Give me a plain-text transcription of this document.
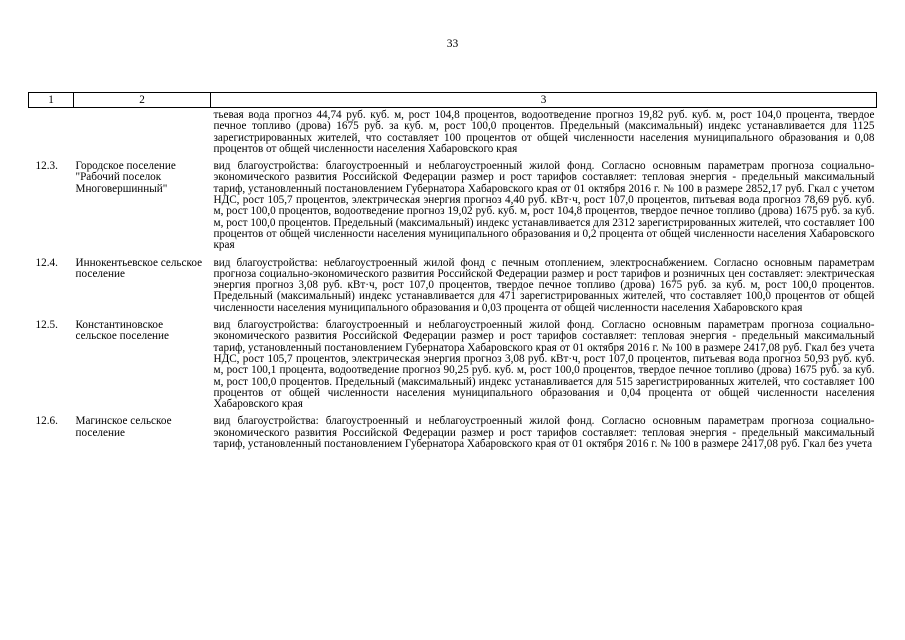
33
1	2	3
		тьевая вода прогноз 44,74 руб. куб. м, рост 104,8 процентов, водоотведение прогноз 19,82 руб. куб. м, рост 104,0 процента, твердое печное топливо (дрова) 1675 руб. за куб. м, рост 100,0 процентов. Предельный (максимальный) индекс устанавливается для 1125 зарегистрированных жителей, что составляет 100 процентов от общей численности населения муниципального образования и 0,08 процентов от общей численности населения Хабаровского края
12.3.	Городское поселение "Рабочий поселок Многовершинный"	вид благоустройства: благоустроенный и неблагоустроенный жилой фонд. Согласно основным параметрам прогноза социально-экономического развития Российской Федерации размер и рост тарифов составляет: тепловая энергия - предельный максимальный тариф, установленный постановлением Губернатора Хабаровского края от 01 октября 2016 г. № 100 в размере 2852,17 руб. Гкал с учетом НДС, рост 105,7 процентов, электрическая энергия прогноз 4,40 руб. кВт·ч, рост 107,0 процентов, питьевая вода прогноз 78,69 руб. куб. м, рост 100,0 процентов, водоотведение прогноз 19,02 руб. куб. м, рост 104,8 процентов, твердое печное топливо (дрова) 1675 руб. за куб. м, рост 100,0 процентов. Предельный (максимальный) индекс устанавливается для 2312 зарегистрированных жителей, что составляет 100 процентов от общей численности населения муниципального образования и 0,2 процента от общей численности населения Хабаровского края
12.4.	Иннокентьевское сельское поселение	вид благоустройства: неблагоустроенный жилой фонд с печным отоплением, электроснабжением. Согласно основным параметрам прогноза социально-экономического развития Российской Федерации размер и рост тарифов и розничных цен составляет: электрическая энергия прогноз 3,08 руб. кВт·ч, рост 107,0 процентов, твердое печное топливо (дрова) 1675 руб. за куб. м, рост 100,0 процентов. Предельный (максимальный) индекс устанавливается для 471 зарегистрированных жителей, что составляет 100,0 процентов от общей численности населения муниципального образования и 0,03 процента от общей численности населения Хабаровского края
12.5.	Константиновское сельское поселение	вид благоустройства: благоустроенный и неблагоустроенный жилой фонд. Согласно основным параметрам прогноза социально-экономического развития Российской Федерации размер и рост тарифов составляет: тепловая энергия - предельный максимальный тариф, установленный постановлением Губернатора Хабаровского края от 01 октября 2016 г. № 100 в размере 2417,08 руб. Гкал без учета НДС, рост 105,7 процентов, электрическая энергия прогноз 3,08 руб. кВт·ч, рост 107,0 процентов, питьевая вода прогноз 50,93 руб. куб. м, рост 100,1 процента, водоотведение прогноз 90,25 руб. куб. м, рост 100,0 процентов, твердое печное топливо (дрова) 1675 руб. за куб. м, рост 100,0 процентов. Предельный (максимальный) индекс устанавливается для 515 зарегистрированных жителей, что составляет 100 процентов от общей численности населения муниципального образования и 0,04 процента от общей численности населения Хабаровского края
12.6.	Магинское сельское поселение	вид благоустройства: благоустроенный и неблагоустроенный жилой фонд. Согласно основным параметрам прогноза социально-экономического развития Российской Федерации размер и рост тарифов составляет: тепловая энергия - предельный максимальный тариф, установленный постановлением Губернатора Хабаровского края от 01 октября 2016 г. № 100 в размере 2417,08 руб. Гкал без учета
